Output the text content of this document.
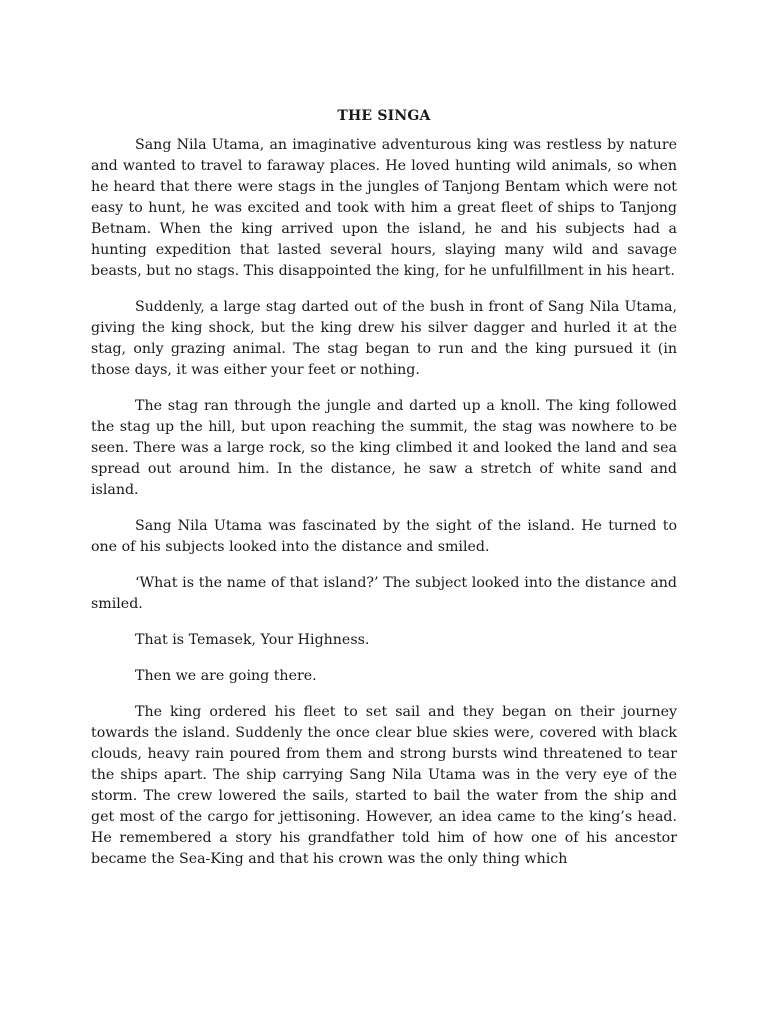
THE SINGA

Sang Nila Utama, an imaginative adventurous king was restless by nature and wanted to travel to faraway places. He loved hunting wild animals, so when he heard that there were stags in the jungles of Tanjong Bentam which were not easy to hunt, he was excited and took with him a great fleet of ships to Tanjong Betnam. When the king arrived upon the island, he and his subjects had a hunting expedition that lasted several hours, slaying many wild and savage beasts, but no stags. This disappointed the king, for he unfulfillment in his heart.

Suddenly, a large stag darted out of the bush in front of Sang Nila Utama, giving the king shock, but the king drew his silver dagger and hurled it at the stag, only grazing animal. The stag began to run and the king pursued it (in those days, it was either your feet or nothing.

The stag ran through the jungle and darted up a knoll. The king followed the stag up the hill, but upon reaching the summit, the stag was nowhere to be seen. There was a large rock, so the king climbed it and looked the land and sea spread out around him. In the distance, he saw a stretch of white sand and island.

Sang Nila Utama was fascinated by the sight of the island. He turned to one of his subjects looked into the distance and smiled.

‘What is the name of that island?’ The subject looked into the distance and smiled.

That is Temasek, Your Highness.

Then we are going there.

The king ordered his fleet to set sail and they began on their journey towards the island. Suddenly the once clear blue skies were, covered with black clouds, heavy rain poured from them and strong bursts wind threatened to tear the ships apart. The ship carrying Sang Nila Utama was in the very eye of the storm. The crew lowered the sails, started to bail the water from the ship and get most of the cargo for jettisoning. However, an idea came to the king’s head. He remembered a story his grandfather told him of how one of his ancestor became the Sea-King and that his crown was the only thing which
